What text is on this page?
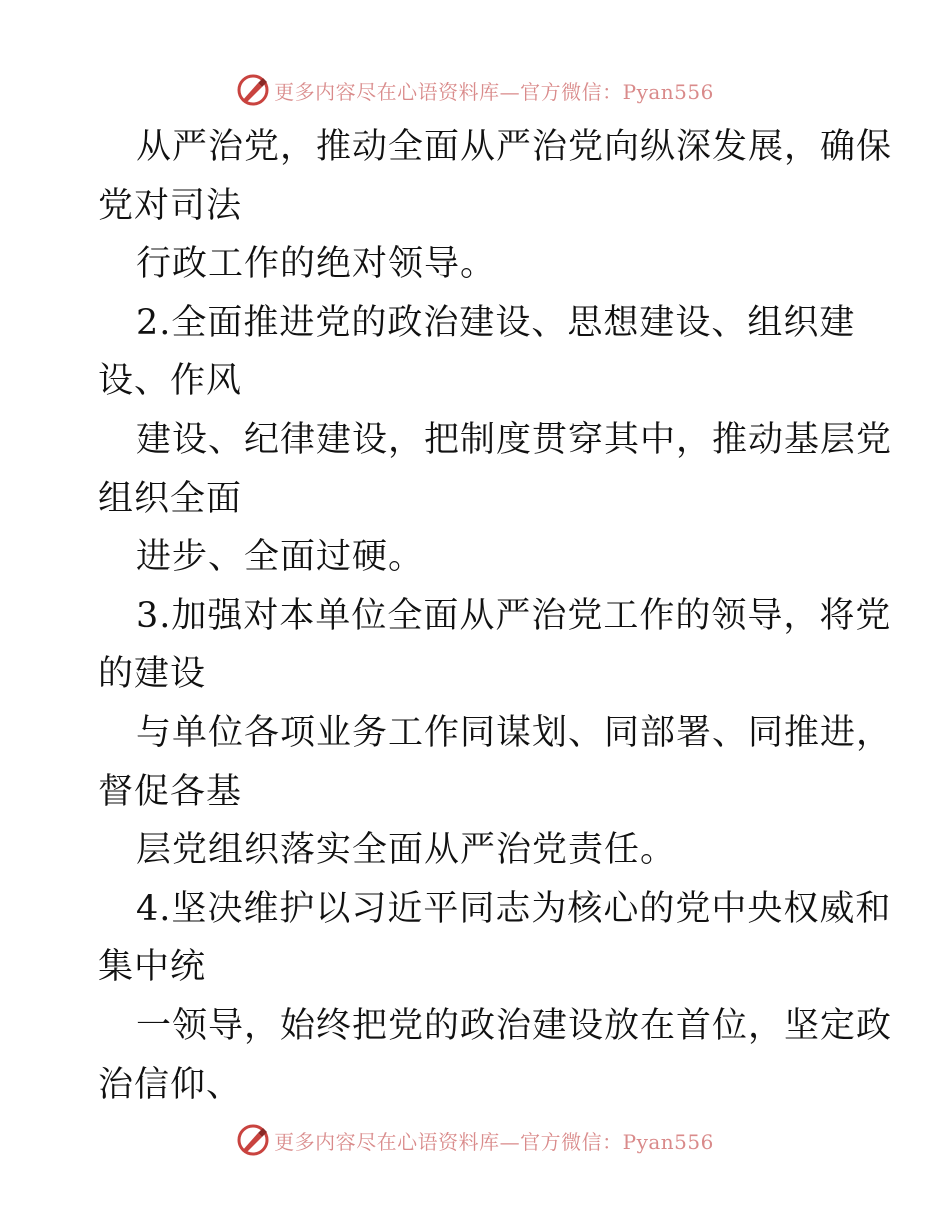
更多内容尽在心语资料库—官方微信：Pyan556
从严治党，推动全面从严治党向纵深发展，确保
党对司法
行政工作的绝对领导。
2.全面推进党的政治建设、思想建设、组织建
设、作风
建设、纪律建设，把制度贯穿其中，推动基层党
组织全面
进步、全面过硬。
3.加强对本单位全面从严治党工作的领导，将党
的建设
与单位各项业务工作同谋划、同部署、同推进，
督促各基
层党组织落实全面从严治党责任。
4.坚决维护以习近平同志为核心的党中央权威和
集中统
一领导，始终把党的政治建设放在首位，坚定政
治信仰、
更多内容尽在心语资料库—官方微信：Pyan556
